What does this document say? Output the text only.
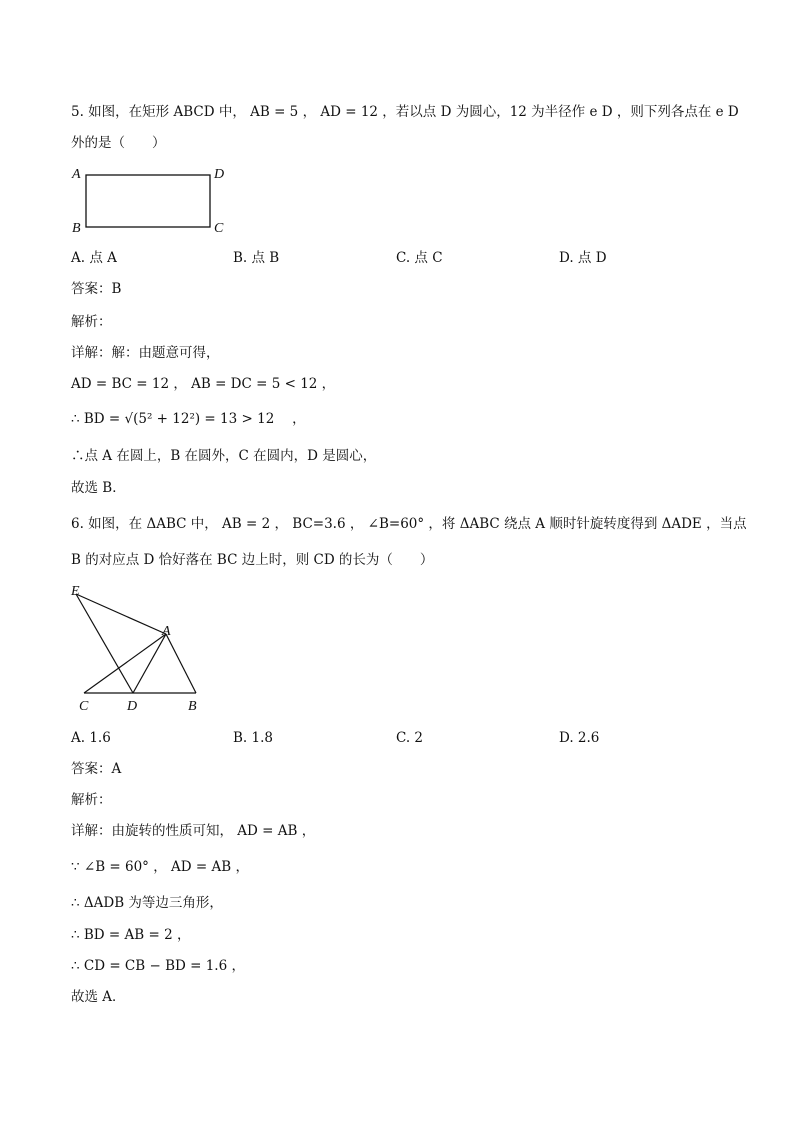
5. 如图，在矩形 ABCD 中， AB = 5 ， AD = 12 ，若以点 D 为圆心，12 为半径作 e D ，则下列各点在 e D
外的是（　　）
A	D
B	C
A. 点 A	B. 点 B	C. 点 C	D. 点 D
答案：B
解析：
详解：解：由题意可得，
AD = BC = 12 ， AB = DC = 5 < 12 ，
∴ BD = √(5² + 12²) = 13 > 12 　，
∴点 A 在圆上，B 在圆外，C 在圆内，D 是圆心，
故选 B．
6. 如图，在 ΔABC 中， AB = 2 ， BC=3.6 ， ∠B=60° ，将 ΔABC 绕点 A 顺时针旋转度得到 ΔADE ，当点
B 的对应点 D 恰好落在 BC 边上时，则 CD 的长为（　　）
E
A
C	D	B
A. 1.6	B. 1.8	C. 2	D. 2.6
答案：A
解析：
详解：由旋转的性质可知， AD = AB ，
∵ ∠B = 60° ， AD = AB ，
∴ ΔADB 为等边三角形，
∴ BD = AB = 2 ，
∴ CD = CB − BD = 1.6 ，
故选 A．
